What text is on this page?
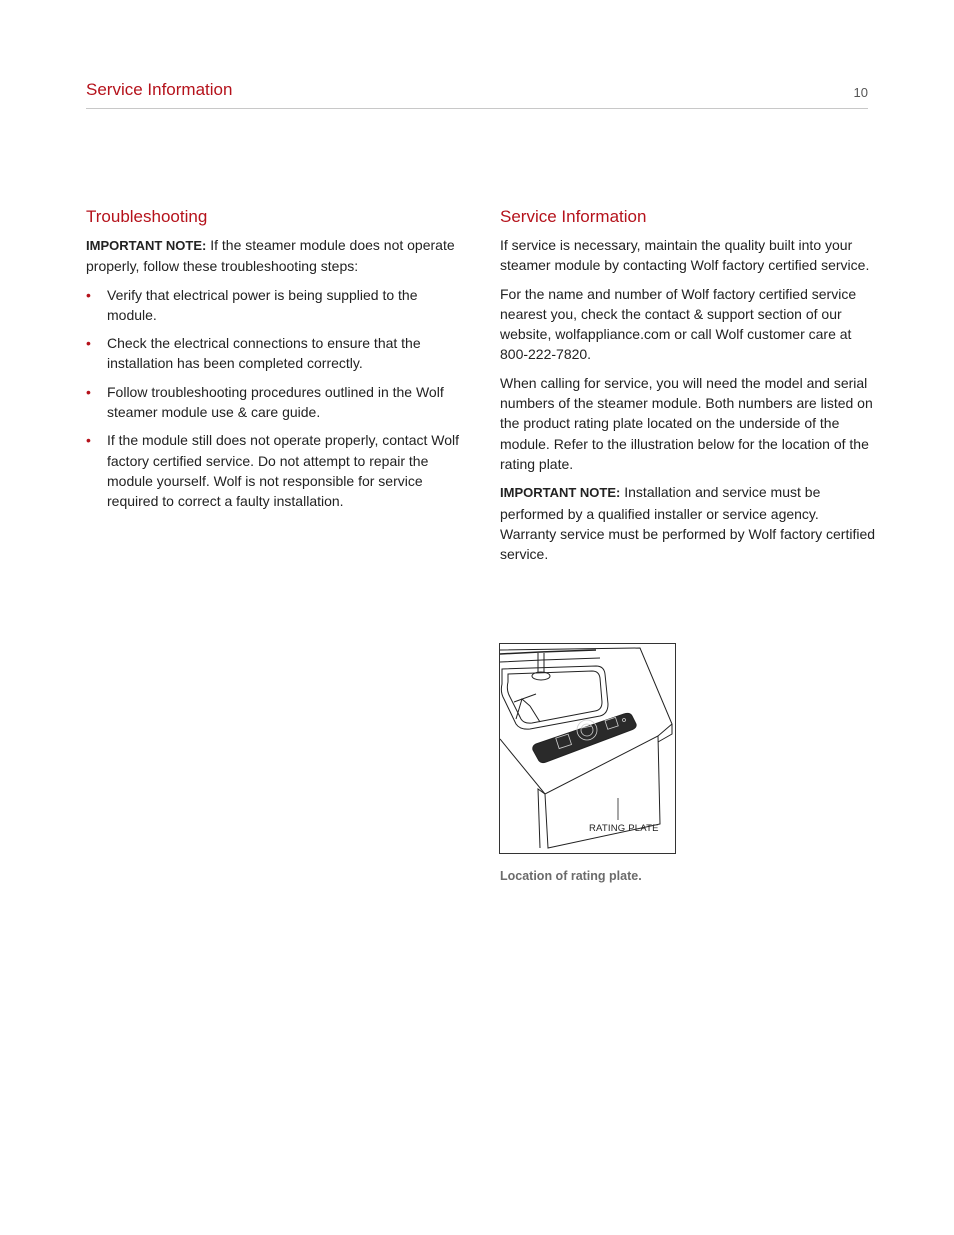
Service Information	10
Troubleshooting

IMPORTANT NOTE: If the steamer module does not operate properly, follow these troubleshooting steps:

• Verify that electrical power is being supplied to the module.
• Check the electrical connections to ensure that the installation has been completed correctly.
• Follow troubleshooting procedures outlined in the Wolf steamer module use & care guide.
• If the module still does not operate properly, contact Wolf factory certified service. Do not attempt to repair the module yourself. Wolf is not responsible for service required to correct a faulty installation.
Service Information

If service is necessary, maintain the quality built into your steamer module by contacting Wolf factory certified service.

For the name and number of Wolf factory certified service nearest you, check the contact & support section of our website, wolfappliance.com or call Wolf customer care at 800-222-7820.

When calling for service, you will need the model and serial numbers of the steamer module. Both numbers are listed on the product rating plate located on the underside of the module. Refer to the illustration below for the location of the rating plate.

IMPORTANT NOTE: Installation and service must be performed by a qualified installer or service agency. Warranty service must be performed by Wolf factory certified service.

RATING PLATE
Location of rating plate.
